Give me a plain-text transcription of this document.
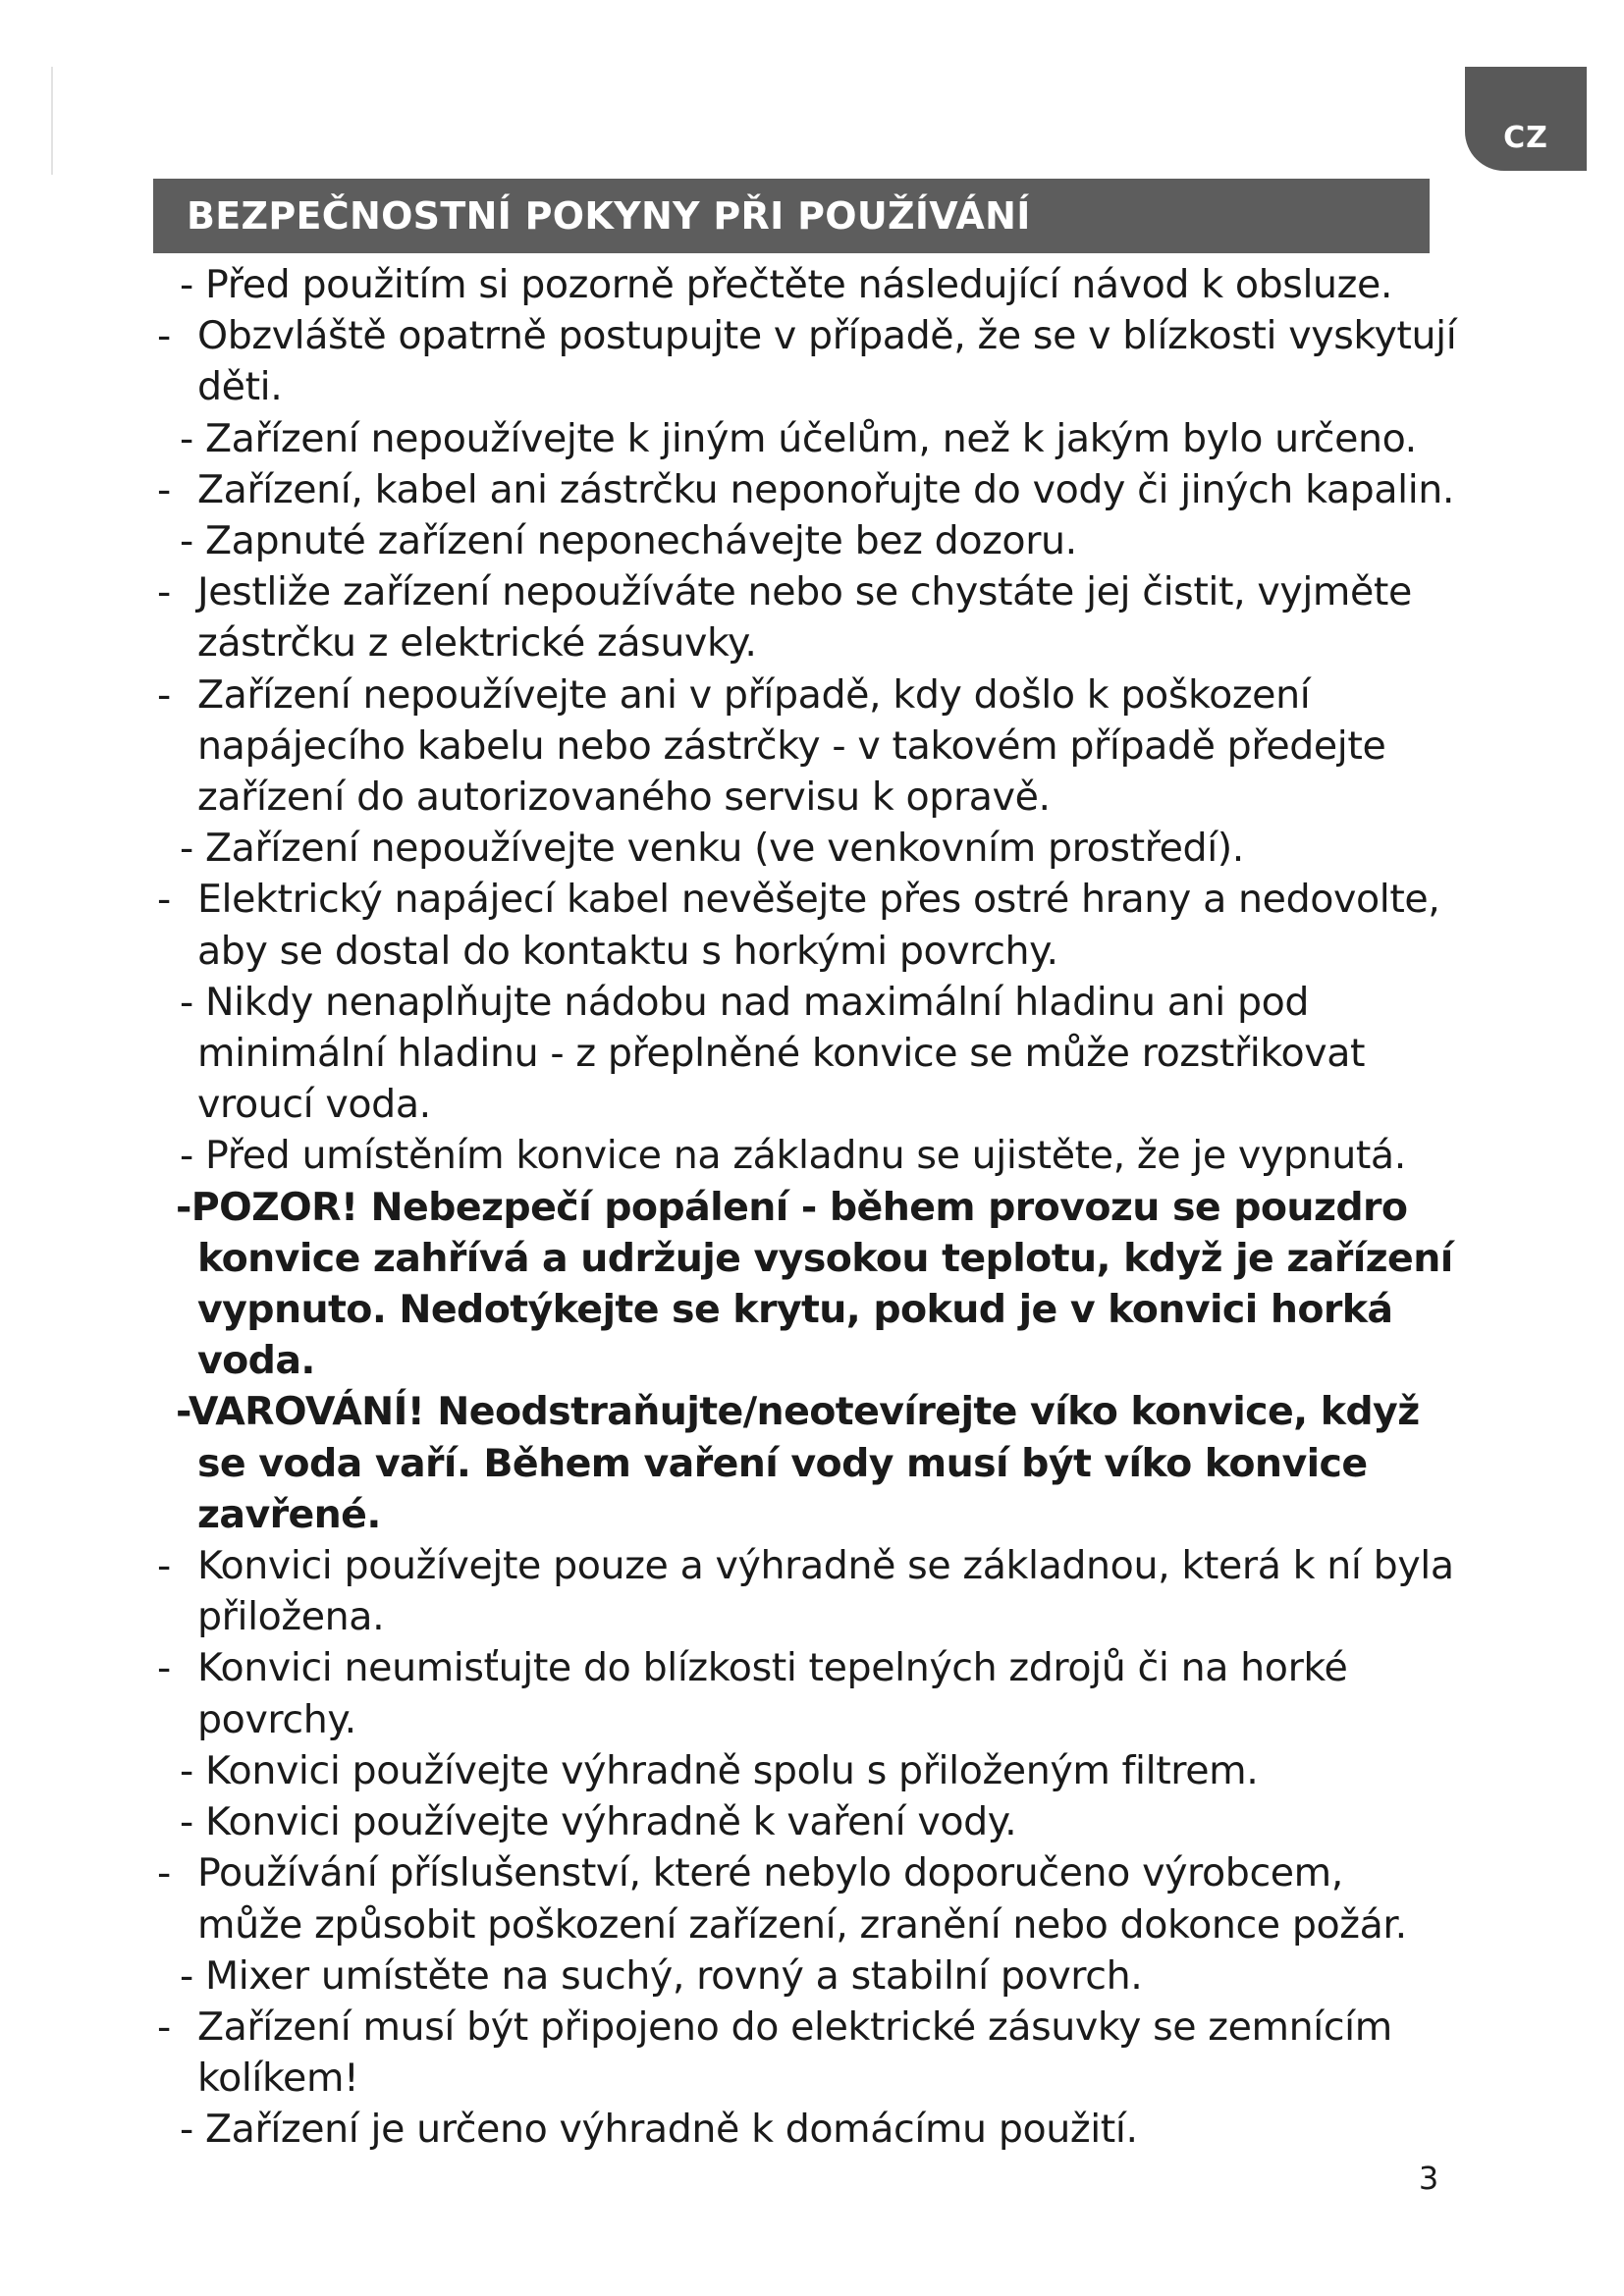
CZ
BEZPEČNOSTNÍ POKYNY PŘI POUŽÍVÁNÍ
- Před použitím si pozorně přečtěte následující návod k obsluze.
- Obzvláště opatrně postupujte v případě, že se v blízkosti vyskytují děti.
- Zařízení nepoužívejte k jiným účelům, než k jakým bylo určeno.
- Zařízení, kabel ani zástrčku neponořujte do vody či jiných kapalin.
- Zapnuté zařízení neponechávejte bez dozoru.
- Jestliže zařízení nepoužíváte nebo se chystáte jej čistit, vyjměte zástrčku z elektrické zásuvky.
- Zařízení nepoužívejte ani v případě, kdy došlo k poškození napájecího kabelu nebo zástrčky - v takovém případě předejte zařízení do autorizovaného servisu k opravě.
- Zařízení nepoužívejte venku (ve venkovním prostředí).
- Elektrický napájecí kabel nevěšejte přes ostré hrany a nedovolte, aby se dostal do kontaktu s horkými povrchy.
- Nikdy nenaplňujte nádobu nad maximální hladinu ani pod minimální hladinu - z přeplněné konvice se může rozstřikovat vroucí voda.
- Před umístěním konvice na základnu se ujistěte, že je vypnutá.
-POZOR! Nebezpečí popálení - během provozu se pouzdro konvice zahřívá a udržuje vysokou teplotu, když je zařízení vypnuto. Nedotýkejte se krytu, pokud je v konvici horká voda.
-VAROVÁNÍ! Neodstraňujte/neotevírejte víko konvice, když se voda vaří. Během vaření vody musí být víko konvice zavřené.
- Konvici používejte pouze a výhradně se základnou, která k ní byla přiložena.
- Konvici neumisťujte do blízkosti tepelných zdrojů či na horké povrchy.
- Konvici používejte výhradně spolu s přiloženým filtrem.
- Konvici používejte výhradně k vaření vody.
- Používání příslušenství, které nebylo doporučeno výrobcem, může způsobit poškození zařízení, zranění nebo dokonce požár.
- Mixer umístěte na suchý, rovný a stabilní povrch.
- Zařízení musí být připojeno do elektrické zásuvky se zemnícím kolíkem!
- Zařízení je určeno výhradně k domácímu použití.
3
